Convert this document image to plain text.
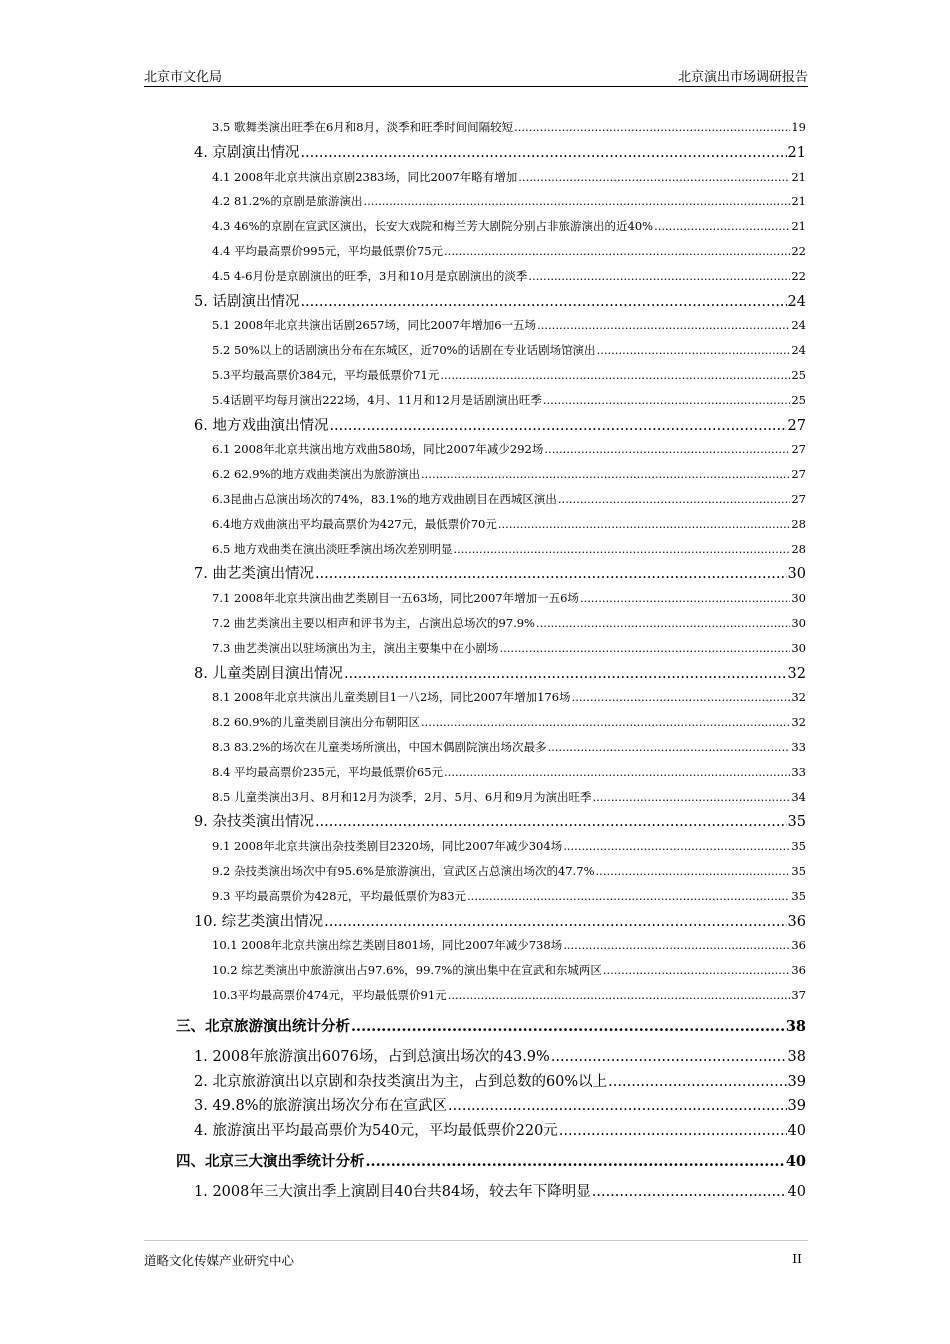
北京市文化局	北京演出市场调研报告
3.5 歌舞类演出旺季在6月和8月，淡季和旺季时间间隔较短 .....	19
4. 京剧演出情况 .....	21
4.1 2008年北京共演出京剧2383场，同比2007年略有增加 .....	21
4.2 81.2%的京剧是旅游演出 .....	21
4.3 46%的京剧在宣武区演出，长安大戏院和梅兰芳大剧院分别占非旅游演出的近40% .....	21
4.4 平均最高票价995元，平均最低票价75元 .....	22
4.5 4-6月份是京剧演出的旺季，3月和10月是京剧演出的淡季 .....	22
5. 话剧演出情况 .....	24
5.1 2008年北京共演出话剧2657场，同比2007年增加6一五场 .....	24
5.2 50%以上的话剧演出分布在东城区，近70%的话剧在专业话剧场馆演出 .....	24
5.3平均最高票价384元，平均最低票价71元 .....	25
5.4话剧平均每月演出222场，4月、11月和12月是话剧演出旺季 .....	25
6. 地方戏曲演出情况 .....	27
6.1 2008年北京共演出地方戏曲580场，同比2007年减少292场 .....	27
6.2 62.9%的地方戏曲类演出为旅游演出 .....	27
6.3昆曲占总演出场次的74%，83.1%的地方戏曲剧目在西城区演出 .....	27
6.4地方戏曲演出平均最高票价为427元，最低票价70元 .....	28
6.5 地方戏曲类在演出淡旺季演出场次差别明显 .....	28
7. 曲艺类演出情况 .....	30
7.1 2008年北京共演出曲艺类剧目一五63场，同比2007年增加一五6场 .....	30
7.2 曲艺类演出主要以相声和评书为主，占演出总场次的97.9% .....	30
7.3 曲艺类演出以驻场演出为主，演出主要集中在小剧场 .....	30
8. 儿童类剧目演出情况 .....	32
8.1 2008年北京共演出儿童类剧目1一八2场，同比2007年增加176场 .....	32
8.2 60.9%的儿童类剧目演出分布朝阳区 .....	32
8.3 83.2%的场次在儿童类场所演出，中国木偶剧院演出场次最多 .....	33
8.4 平均最高票价235元，平均最低票价65元 .....	33
8.5 儿童类演出3月、8月和12月为淡季，2月、5月、6月和9月为演出旺季 .....	34
9. 杂技类演出情况 .....	35
9.1 2008年北京共演出杂技类剧目2320场，同比2007年减少304场 .....	35
9.2 杂技类演出场次中有95.6%是旅游演出，宣武区占总演出场次的47.7% .....	35
9.3 平均最高票价为428元，平均最低票价为83元 .....	35
10. 综艺类演出情况 .....	36
10.1 2008年北京共演出综艺类剧目801场，同比2007年减少738场 .....	36
10.2 综艺类演出中旅游演出占97.6%，99.7%的演出集中在宣武和东城两区 .....	36
10.3平均最高票价474元，平均最低票价91元 .....	37
三、北京旅游演出统计分析 .....	38
1. 2008年旅游演出6076场，占到总演出场次的43.9% .....	38
2. 北京旅游演出以京剧和杂技类演出为主，占到总数的60%以上 .....	39
3. 49.8%的旅游演出场次分布在宣武区 .....	39
4. 旅游演出平均最高票价为540元，平均最低票价220元 .....	40
四、北京三大演出季统计分析 .....	40
1. 2008年三大演出季上演剧目40台共84场，较去年下降明显 .....	40
道略文化传媒产业研究中心	II
